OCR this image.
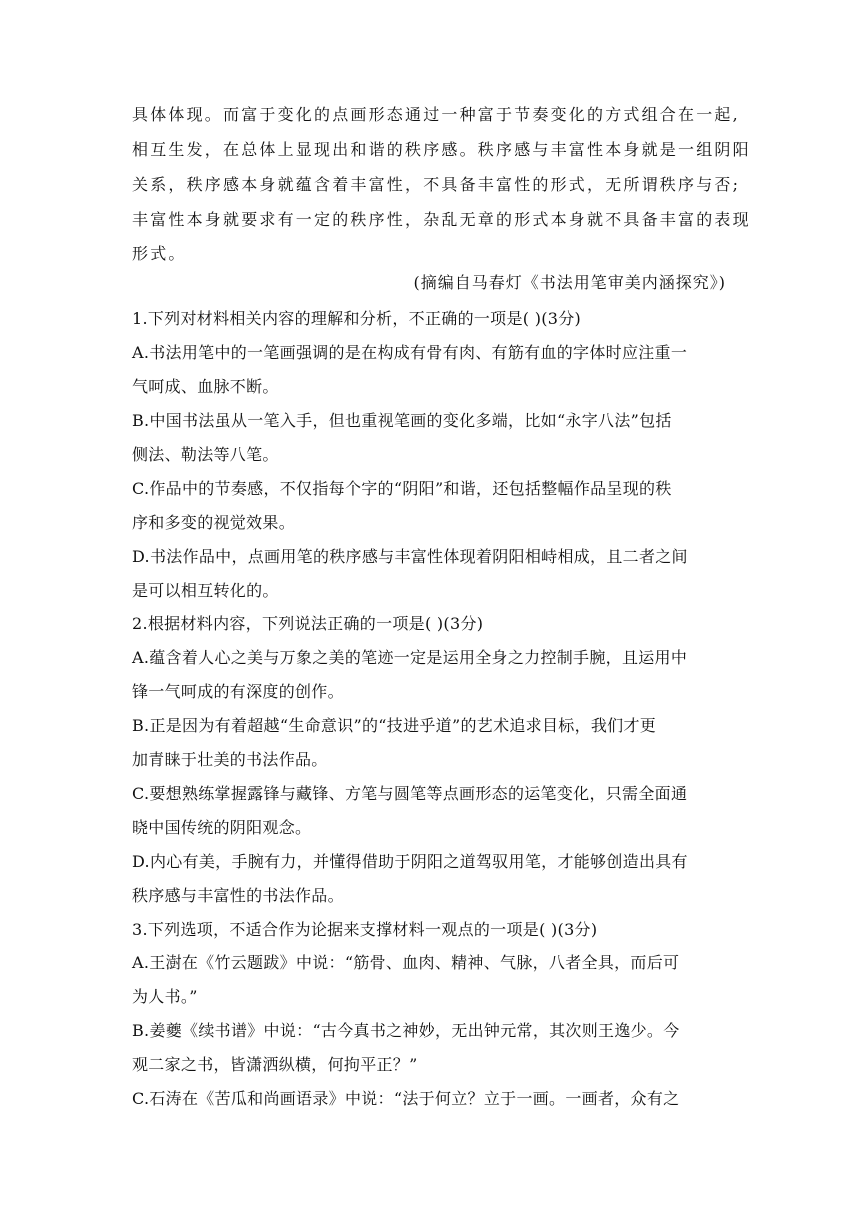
具体体现。而富于变化的点画形态通过一种富于节奏变化的方式组合在一起,
相互生发，在总体上显现出和谐的秩序感。秩序感与丰富性本身就是一组阴阳
关系，秩序感本身就蕴含着丰富性，不具备丰富性的形式，无所谓秩序与否;
丰富性本身就要求有一定的秩序性，杂乱无章的形式本身就不具备丰富的表现
形式。
(摘编自马春灯《书法用笔审美内涵探究》)
1.下列对材料相关内容的理解和分析，不正确的一项是( )(3分)
A.书法用笔中的一笔画强调的是在构成有骨有肉、有筋有血的字体时应注重一
气呵成、血脉不断。
B.中国书法虽从一笔入手，但也重视笔画的变化多端，比如“永字八法”包括
侧法、勒法等八笔。
C.作品中的节奏感，不仅指每个字的“阴阳”和谐，还包括整幅作品呈现的秩
序和多变的视觉效果。
D.书法作品中，点画用笔的秩序感与丰富性体现着阴阳相峙相成，且二者之间
是可以相互转化的。
2.根据材料内容，下列说法正确的一项是( )(3分)
A.蕴含着人心之美与万象之美的笔迹一定是运用全身之力控制手腕，且运用中
锋一气呵成的有深度的创作。
B.正是因为有着超越“生命意识”的“技进乎道”的艺术追求目标，我们才更
加青睐于壮美的书法作品。
C.要想熟练掌握露锋与藏锋、方笔与圆笔等点画形态的运笔变化，只需全面通
晓中国传统的阴阳观念。
D.内心有美，手腕有力，并懂得借助于阴阳之道驾驭用笔，才能够创造出具有
秩序感与丰富性的书法作品。
3.下列选项，不适合作为论据来支撑材料一观点的一项是( )(3分)
A.王澍在《竹云题跋》中说：“筋骨、血肉、精神、气脉，八者全具，而后可
为人书。”
B.姜夔《续书谱》中说：“古今真书之神妙，无出钟元常，其次则王逸少。今
观二家之书，皆潇洒纵横，何拘平正？”
C.石涛在《苦瓜和尚画语录》中说：“法于何立？立于一画。一画者，众有之
